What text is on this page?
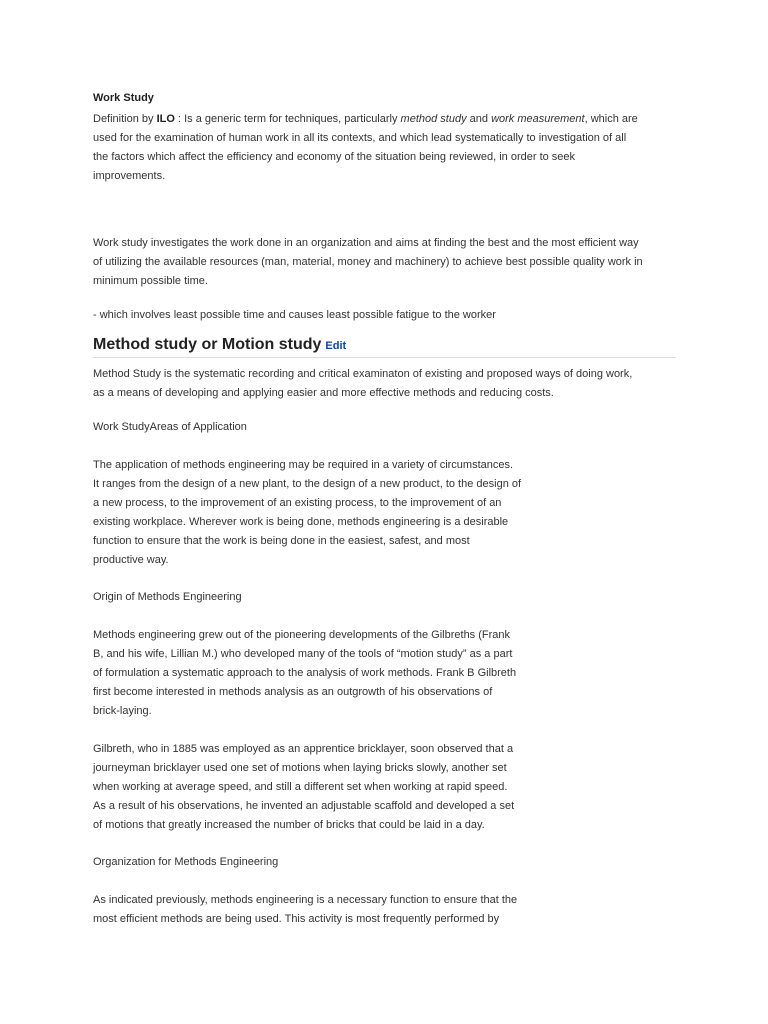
Work Study
Definition by ILO : Is a generic term for techniques, particularly method study and work measurement, which are
used for the examination of human work in all its contexts, and which lead systematically to investigation of all
the factors which affect the efficiency and economy of the situation being reviewed, in order to seek
improvements.
Work study investigates the work done in an organization and aims at finding the best and the most efficient way
of utilizing the available resources (man, material, money and machinery) to achieve best possible quality work in
minimum possible time.
- which involves least possible time and causes least possible fatigue to the worker
Method study or Motion study Edit
Method Study is the systematic recording and critical examinaton of existing and proposed ways of doing work,
as a means of developing and applying easier and more effective methods and reducing costs.
Work StudyAreas of Application
The application of methods engineering may be required in a variety of circumstances.
It ranges from the design of a new plant, to the design of a new product, to the design of
a new process, to the improvement of an existing process, to the improvement of an
existing workplace. Wherever work is being done, methods engineering is a desirable
function to ensure that the work is being done in the easiest, safest, and most
productive way.
Origin of Methods Engineering
Methods engineering grew out of the pioneering developments of the Gilbreths (Frank
B, and his wife, Lillian M.) who developed many of the tools of “motion study” as a part
of formulation a systematic approach to the analysis of work methods. Frank B Gilbreth
first become interested in methods analysis as an outgrowth of his observations of
brick-laying.
Gilbreth, who in 1885 was employed as an apprentice bricklayer, soon observed that a
journeyman bricklayer used one set of motions when laying bricks slowly, another set
when working at average speed, and still a different set when working at rapid speed.
As a result of his observations, he invented an adjustable scaffold and developed a set
of motions that greatly increased the number of bricks that could be laid in a day.
Organization for Methods Engineering
As indicated previously, methods engineering is a necessary function to ensure that the
most efficient methods are being used. This activity is most frequently performed by
